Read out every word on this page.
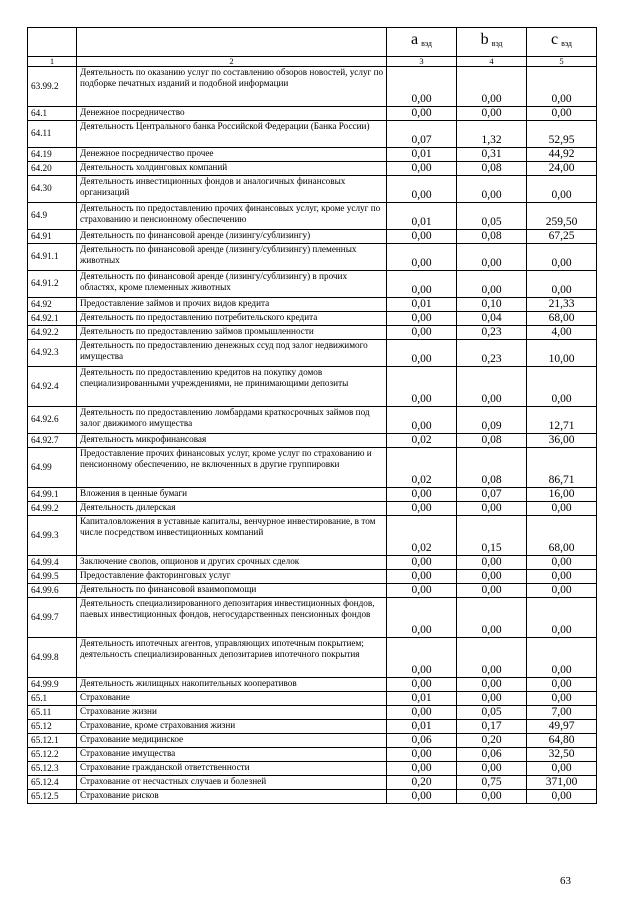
		a $_{вэд}$	b $_{вэд}$	c $_{вэд}$
1	2	3	4	5
63.99.2	Деятельность по оказанию услуг по составлению обзоров новостей, услуг по подборке печатных изданий и подобной информации	0,00	0,00	0,00
64.1	Денежное посредничество	0,00	0,00	0,00
64.11	Деятельность Центрального банка Российской Федерации (Банка России)	0,07	1,32	52,95
64.19	Денежное посредничество прочее	0,01	0,31	44,92
64.20	Деятельность холдинговых компаний	0,00	0,08	24,00
64.30	Деятельность инвестиционных фондов и аналогичных финансовых организаций	0,00	0,00	0,00
64.9	Деятельность по предоставлению прочих финансовых услуг, кроме услуг по страхованию и пенсионному обеспечению	0,01	0,05	259,50
64.91	Деятельность по финансовой аренде (лизингу/сублизингу)	0,00	0,08	67,25
64.91.1	Деятельность по финансовой аренде (лизингу/сублизингу) племенных животных	0,00	0,00	0,00
64.91.2	Деятельность по финансовой аренде (лизингу/сублизингу) в прочих областях, кроме племенных животных	0,00	0,00	0,00
64.92	Предоставление займов и прочих видов кредита	0,01	0,10	21,33
64.92.1	Деятельность по предоставлению потребительского кредита	0,00	0,04	68,00
64.92.2	Деятельность по предоставлению займов промышленности	0,00	0,23	4,00
64.92.3	Деятельность по предоставлению денежных ссуд под залог недвижимого имущества	0,00	0,23	10,00
64.92.4	Деятельность по предоставлению кредитов на покупку домов специализированными учреждениями, не принимающими депозиты	0,00	0,00	0,00
64.92.6	Деятельность по предоставлению ломбардами краткосрочных займов под залог движимого имущества	0,00	0,09	12,71
64.92.7	Деятельность микрофинансовая	0,02	0,08	36,00
64.99	Предоставление прочих финансовых услуг, кроме услуг по страхованию и пенсионному обеспечению, не включенных в другие группировки	0,02	0,08	86,71
64.99.1	Вложения в ценные бумаги	0,00	0,07	16,00
64.99.2	Деятельность дилерская	0,00	0,00	0,00
64.99.3	Капиталовложения в уставные капиталы, венчурное инвестирование, в том числе посредством инвестиционных компаний	0,02	0,15	68,00
64.99.4	Заключение свопов, опционов и других срочных сделок	0,00	0,00	0,00
64.99.5	Предоставление факторинговых услуг	0,00	0,00	0,00
64.99.6	Деятельность по финансовой взаимопомощи	0,00	0,00	0,00
64.99.7	Деятельность специализированного депозитария инвестиционных фондов, паевых инвестиционных фондов, негосударственных пенсионных фондов	0,00	0,00	0,00
64.99.8	Деятельность ипотечных агентов, управляющих ипотечным покрытием; деятельность специализированных депозитариев ипотечного покрытия	0,00	0,00	0,00
64.99.9	Деятельность жилищных накопительных кооперативов	0,00	0,00	0,00
65.1	Страхование	0,01	0,00	0,00
65.11	Страхование жизни	0,00	0,05	7,00
65.12	Страхование, кроме страхования жизни	0,01	0,17	49,97
65.12.1	Страхование медицинское	0,06	0,20	64,80
65.12.2	Страхование имущества	0,00	0,06	32,50
65.12.3	Страхование гражданской ответственности	0,00	0,00	0,00
65.12.4	Страхование от несчастных случаев и болезней	0,20	0,75	371,00
65.12.5	Страхование рисков	0,00	0,00	0,00
63
